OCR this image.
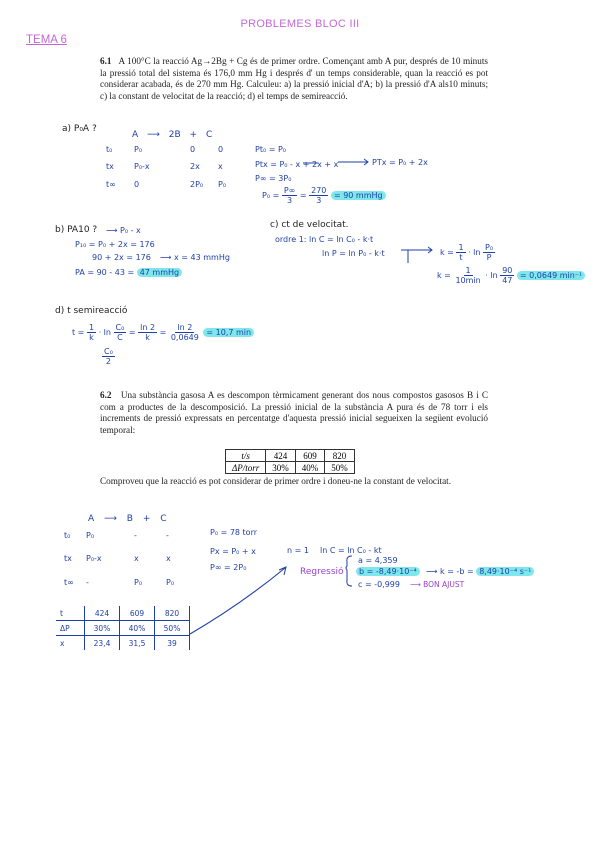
PROBLEMES BLOC III
TEMA 6
6.1 A 100°C la reacció Ag→2Bg + Cg és de primer ordre. Començant amb A pur, després de 10 minuts la pressió total del sistema és 176,0 mm Hg i després d' un temps considerable, quan la reacció es pot considerar acabada, és de 270 mm Hg. Calculeu: a) la pressió inicial d'A; b) la pressió d'A als10 minuts; c) la constant de velocitat de la reacció; d) el temps de semireacció.
a) P₀A ?
A ⟶ 2B + C
t₀	P₀	0	0
tx	P₀-x	2x x
t∞ 0	2P₀ P₀
Pt₀ = P₀
Ptx = P₀ - x + 2x + x	PTx = P₀ + 2x
P∞ = 3P₀
$P_0 = \frac{P\infty}{3} = \frac{270}{3} = 90$ mmHg
b) PA10 ? ⟶ P₀ - x
P₁₀ = P₀ + 2x = 176
90 + 2x = 176 ⟶ x = 43 mmHg
PA = 90 - 43 = 47 mmHg
c) ct de velocitat.
ordre 1: ln C = ln C₀ - k·t
ln P = ln P₀ - k·t	$k = \frac{1}{t} \cdot \ln \frac{\text{P₀}}{P}$
$k = \frac{1}{10\min} \cdot \ln \frac{90}{47} = 0,0649$ min⁻¹
d) t semireacció
$t = \frac{1}{k} \cdot \ln \frac{\text{C₀}}{C} = \frac{\ln 2}{k} = \frac{\ln 2}{0,0649} = 10,7$ min
$\frac{\text{C₀}}{2}$
6.2 Una substància gasosa A es descompon tèrmicament generant dos nous compostos gasosos B i C com a productes de la descomposició. La pressió inicial de la substància A pura és de 78 torr i els increments de pressió expressats en percentatge d'aquesta pressió inicial segueixen la següent evolució temporal:
t/s	424	609	820
ΔP/torr	30%	40%	50%
Comproveu que la reacció es pot considerar de primer ordre i doneu-ne la constant de velocitat.
A ⟶ B + C
t₀ P₀	-	-
tx P₀-x	x	x
t∞ -	P₀	P₀
P₀ = 78 torr
Px = P₀ + x
P∞ = 2P₀
n = 1 ln C = ln C₀ - kt
Regressió
a = 4,359
b = -8,49·10⁻⁴	⟶ k = -b = 8,49·10⁻⁴ s⁻¹
c = -0,999 ⟶ BON AJUST
t	424	609	820
ΔP	30%	40%	50%
x	23,4	31,5	39
